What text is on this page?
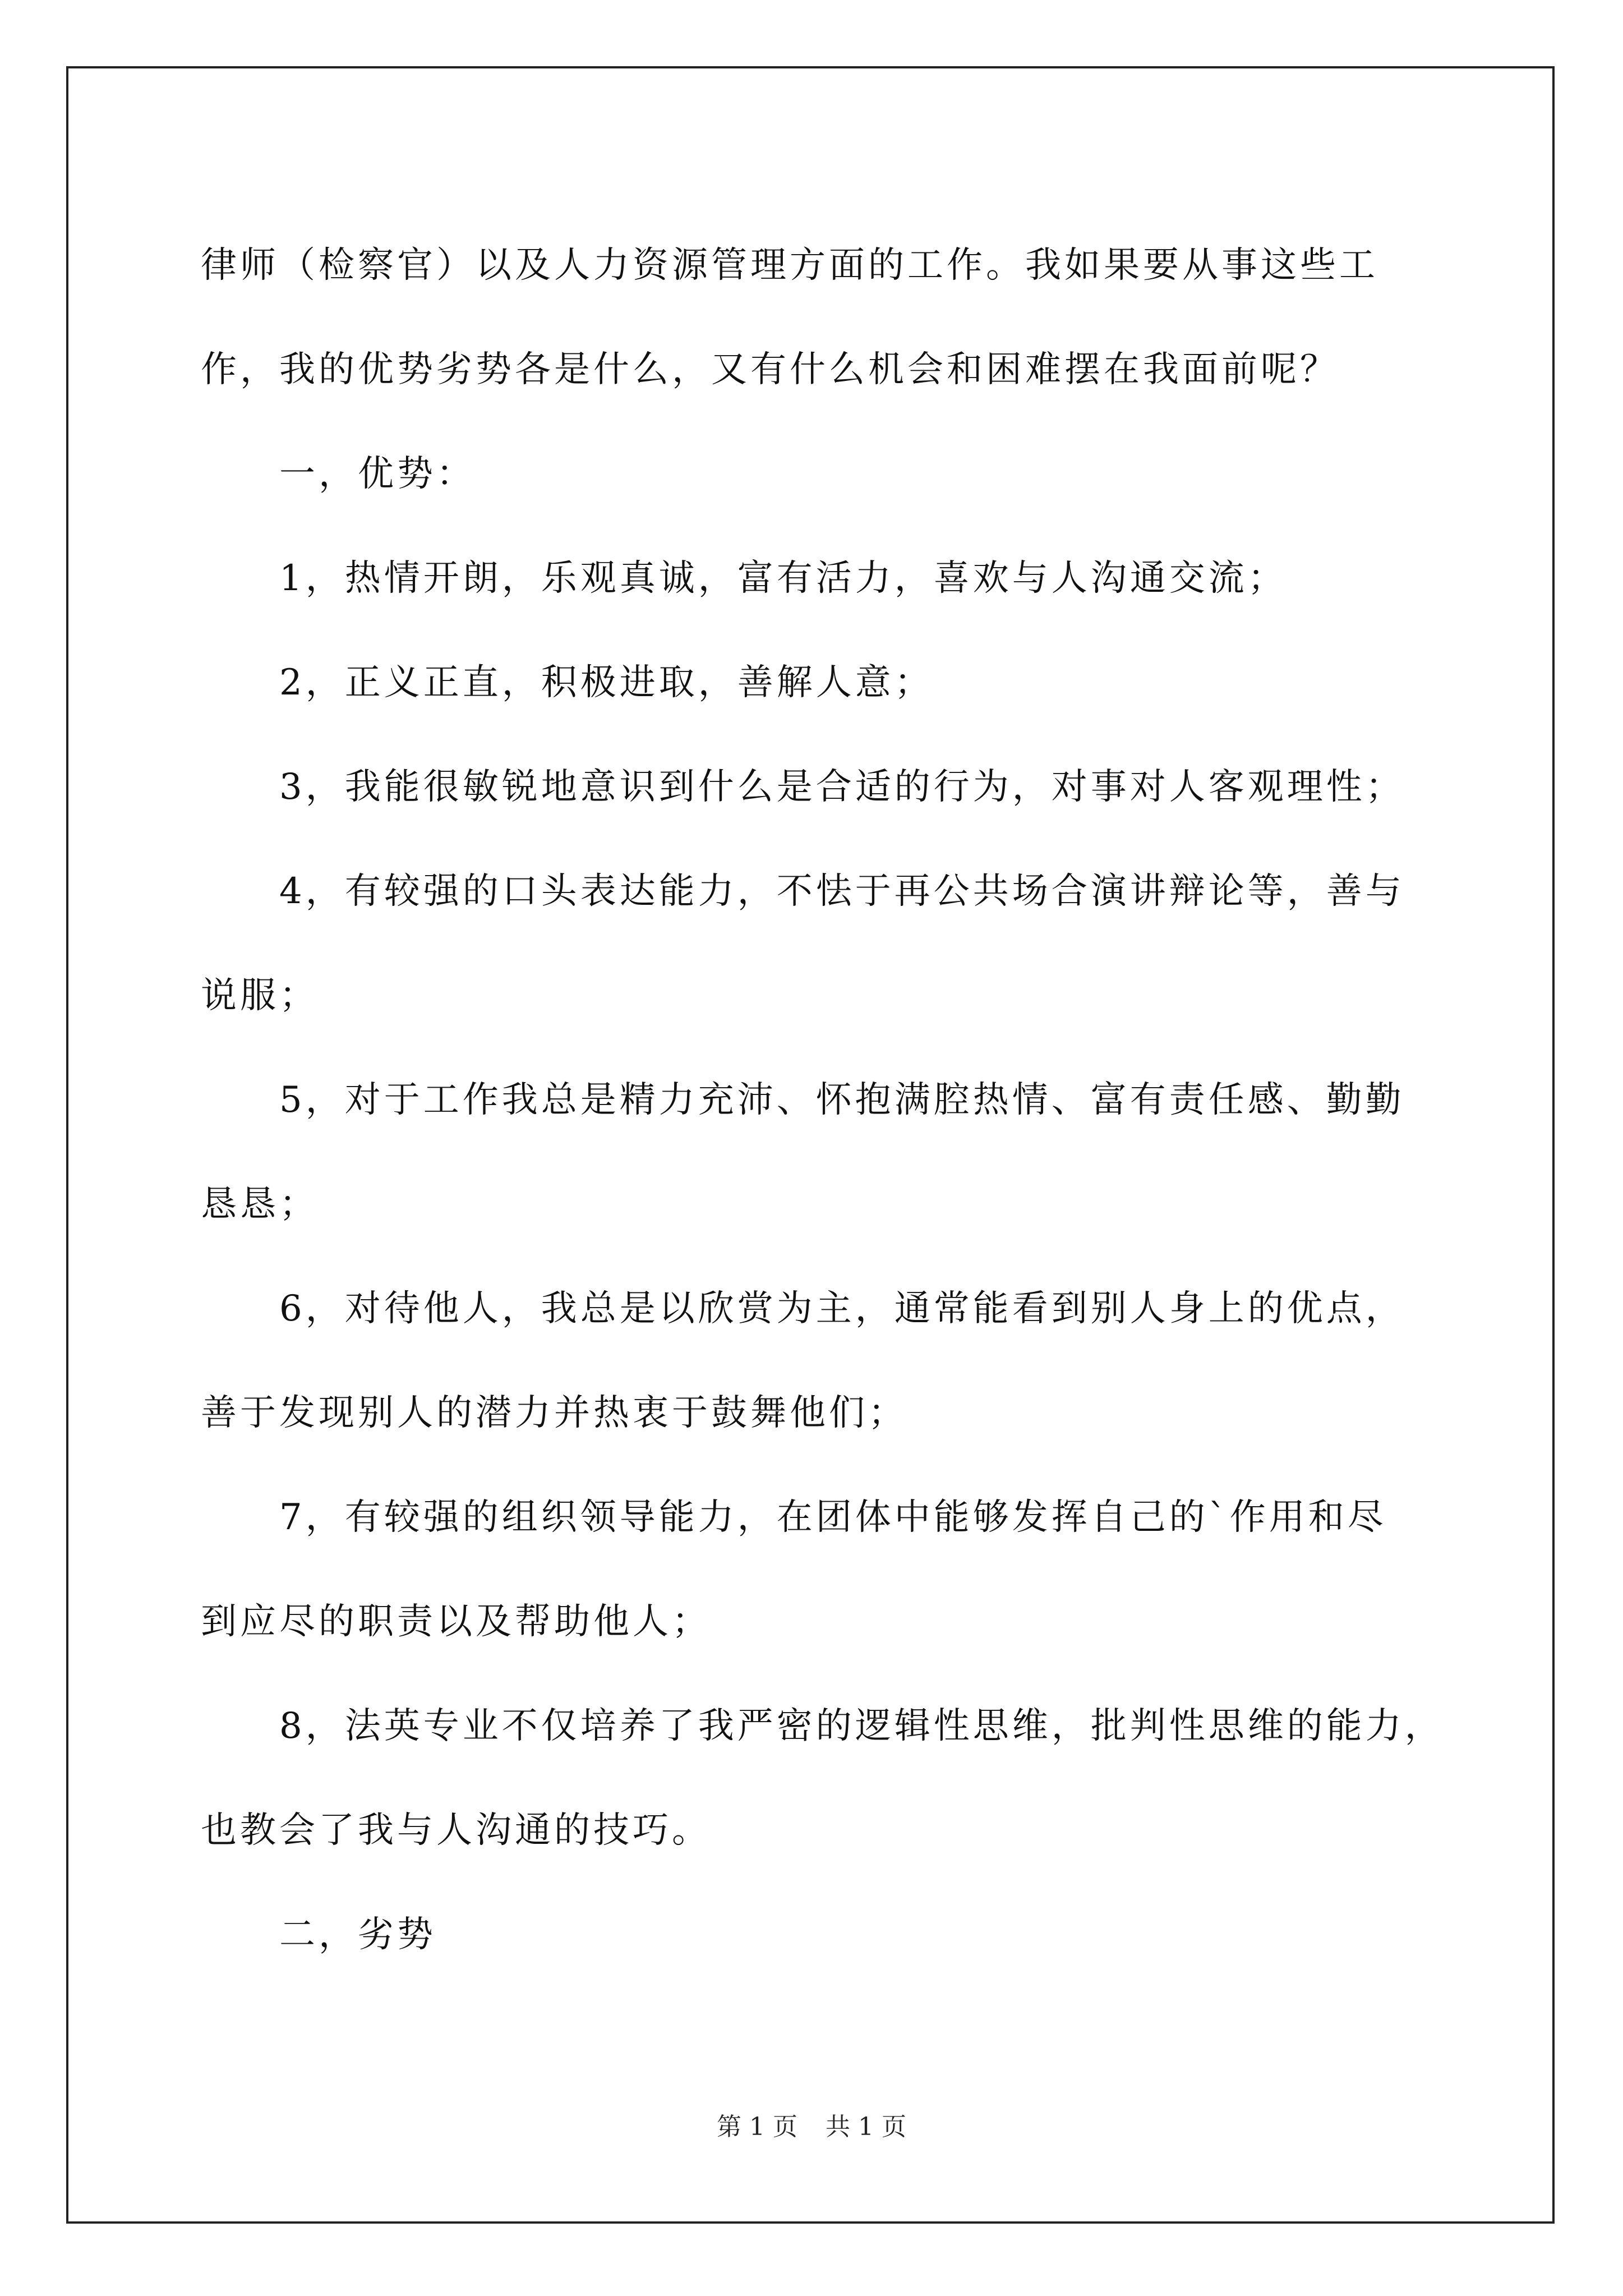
律师（检察官）以及人力资源管理方面的工作。我如果要从事这些工
作，我的优势劣势各是什么，又有什么机会和困难摆在我面前呢？

一，优势：

1，热情开朗，乐观真诚，富有活力，喜欢与人沟通交流；

2，正义正直，积极进取，善解人意；

3，我能很敏锐地意识到什么是合适的行为，对事对人客观理性；

4，有较强的口头表达能力，不怯于再公共场合演讲辩论等，善与
说服；

5，对于工作我总是精力充沛、怀抱满腔热情、富有责任感、勤勤
恳恳；

6，对待他人，我总是以欣赏为主，通常能看到别人身上的优点，
善于发现别人的潜力并热衷于鼓舞他们；

7，有较强的组织领导能力，在团体中能够发挥自己的`作用和尽
到应尽的职责以及帮助他人；

8，法英专业不仅培养了我严密的逻辑性思维，批判性思维的能力，
也教会了我与人沟通的技巧。

二，劣势

第 1 页 共 1 页
